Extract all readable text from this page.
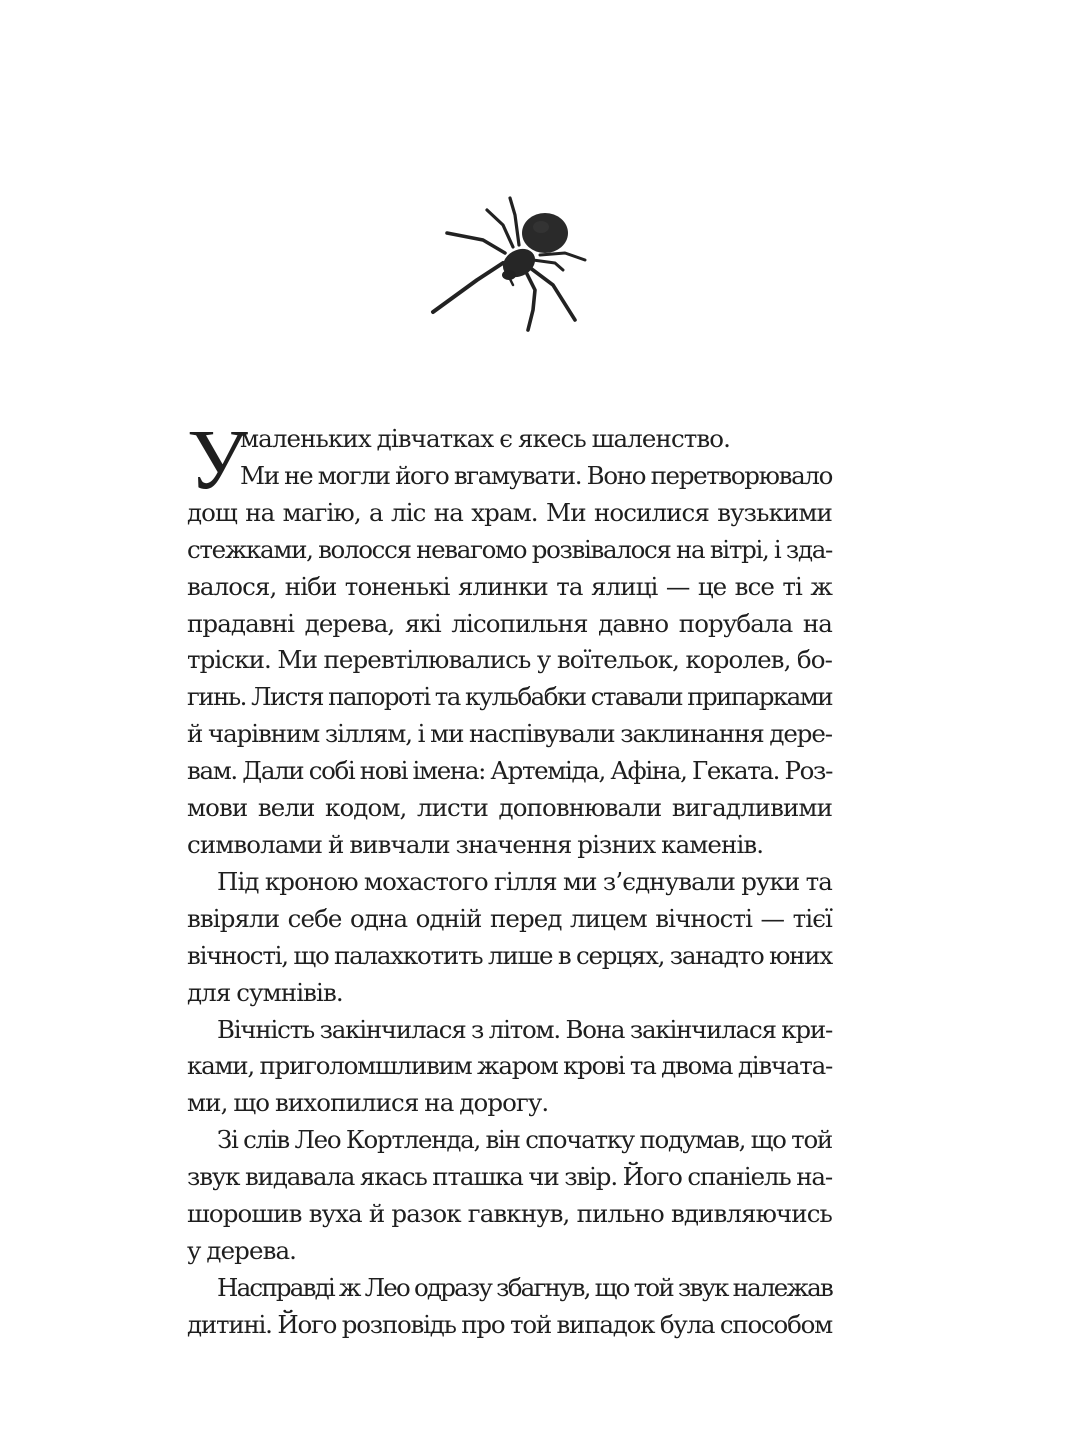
У

маленьких дівчатках є якесь шаленство.
Ми не могли його вгамувати. Воно перетворювало
дощ на магію, а ліс на храм. Ми носилися вузькими
стежками, волосся невагомо розвівалося на вітрі, і зда-
валося, ніби тоненькі ялинки та ялиці — це все ті ж
прадавні дерева, які лісопильня давно порубала на
тріски. Ми перевтілювались у воїтельок, королев, бо-
гинь. Листя папороті та кульбабки ставали припарками
й чарівним зіллям, і ми наспівували заклинання дере-
вам. Дали собі нові імена: Артеміда, Афіна, Геката. Роз-
мови вели кодом, листи доповнювали вигадливими
символами й вивчали значення різних каменів.

Під кроною мохастого гілля ми з’єднували руки та
ввіряли себе одна одній перед лицем вічності — тієї
вічності, що палахкотить лише в серцях, занадто юних
для сумнівів.

Вічність закінчилася з літом. Вона закінчилася кри-
ками, приголомшливим жаром крові та двома дівчата-
ми, що вихопилися на дорогу.

Зі слів Лео Кортленда, він спочатку подумав, що той
звук видавала якась пташка чи звір. Його спаніель на-
шорошив вуха й разок гавкнув, пильно вдивляючись
у дерева.

Насправді ж Лео одразу збагнув, що той звук належав
дитині. Його розповідь про той випадок була способом
